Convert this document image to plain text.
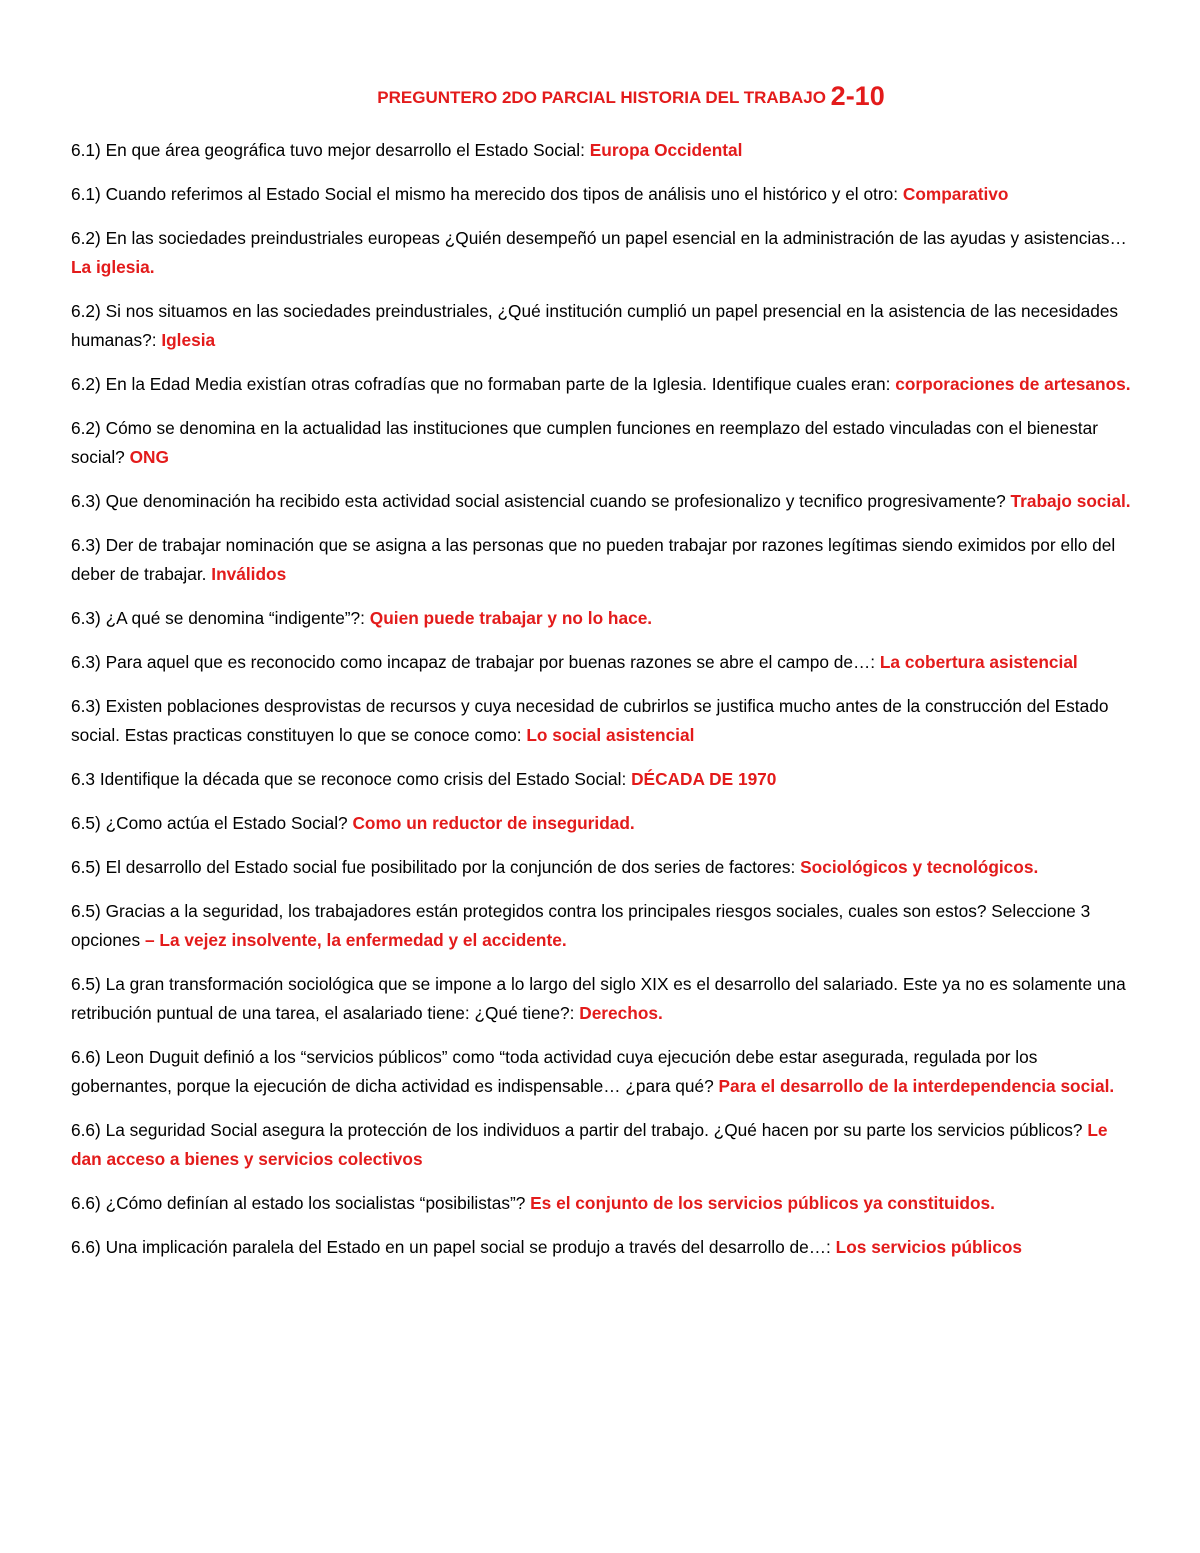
PREGUNTERO 2DO PARCIAL HISTORIA DEL TRABAJO 2-10

6.1) En que área geográfica tuvo mejor desarrollo el Estado Social: Europa Occidental

6.1) Cuando referimos al Estado Social el mismo ha merecido dos tipos de análisis uno el histórico y el otro: Comparativo

6.2) En las sociedades preindustriales europeas ¿Quién desempeñó un papel esencial en la administración de las ayudas y asistencias… La iglesia.

6.2) Si nos situamos en las sociedades preindustriales, ¿Qué institución cumplió un papel presencial en la asistencia de las necesidades humanas?: Iglesia

6.2) En la Edad Media existían otras cofradías que no formaban parte de la Iglesia. Identifique cuales eran: corporaciones de artesanos.

6.2) Cómo se denomina en la actualidad las instituciones que cumplen funciones en reemplazo del estado vinculadas con el bienestar social? ONG

6.3) Que denominación ha recibido esta actividad social asistencial cuando se profesionalizo y tecnifico progresivamente? Trabajo social.

6.3) Der de trabajar nominación que se asigna a las personas que no pueden trabajar por razones legítimas siendo eximidos por ello del deber de trabajar. Inválidos

6.3) ¿A qué se denomina “indigente”?: Quien puede trabajar y no lo hace.

6.3) Para aquel que es reconocido como incapaz de trabajar por buenas razones se abre el campo de…: La cobertura asistencial

6.3) Existen poblaciones desprovistas de recursos y cuya necesidad de cubrirlos se justifica mucho antes de la construcción del Estado social. Estas practicas constituyen lo que se conoce como: Lo social asistencial

6.3 Identifique la década que se reconoce como crisis del Estado Social: DÉCADA DE 1970

6.5) ¿Como actúa el Estado Social? Como un reductor de inseguridad.

6.5) El desarrollo del Estado social fue posibilitado por la conjunción de dos series de factores: Sociológicos y tecnológicos.

6.5) Gracias a la seguridad, los trabajadores están protegidos contra los principales riesgos sociales, cuales son estos? Seleccione 3 opciones – La vejez insolvente, la enfermedad y el accidente.

6.5) La gran transformación sociológica que se impone a lo largo del siglo XIX es el desarrollo del salariado. Este ya no es solamente una retribución puntual de una tarea, el asalariado tiene: ¿Qué tiene?: Derechos.

6.6) Leon Duguit definió a los “servicios públicos” como “toda actividad cuya ejecución debe estar asegurada, regulada por los gobernantes, porque la ejecución de dicha actividad es indispensable… ¿para qué? Para el desarrollo de la interdependencia social.

6.6) La seguridad Social asegura la protección de los individuos a partir del trabajo. ¿Qué hacen por su parte los servicios públicos? Le dan acceso a bienes y servicios colectivos

6.6) ¿Cómo definían al estado los socialistas “posibilistas”? Es el conjunto de los servicios públicos ya constituidos.

6.6) Una implicación paralela del Estado en un papel social se produjo a través del desarrollo de…: Los servicios públicos
